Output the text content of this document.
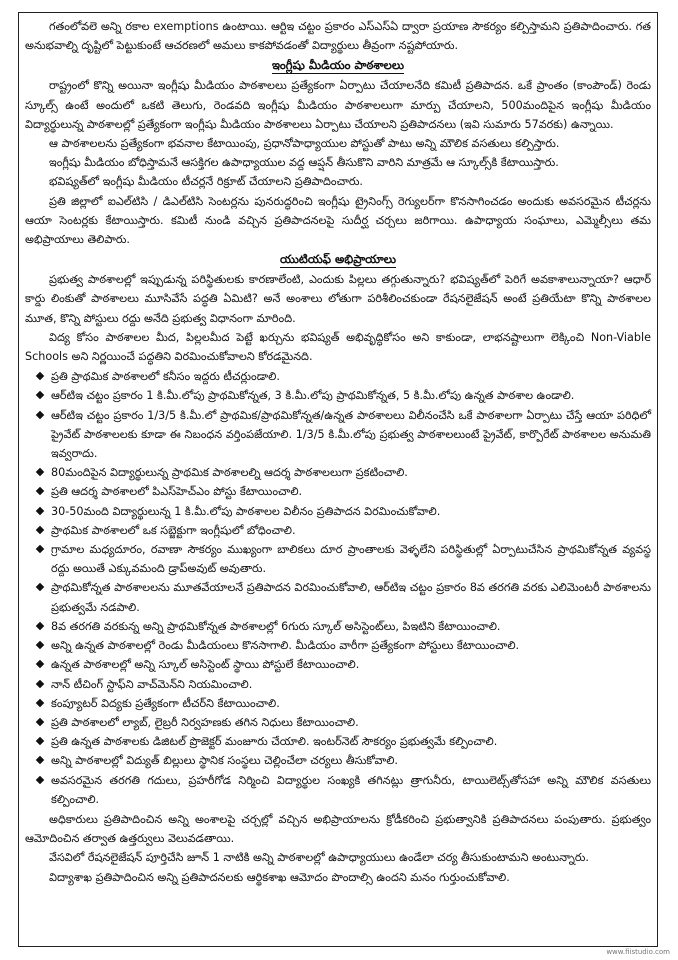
గతంలోవలె అన్ని రకాల exemptions ఉంటాయి. ఆర్టిఇ చట్టం ప్రకారం ఎస్ఎస్ఏ ద్వారా ప్రయాణ సౌకర్యం కల్పిస్తామని ప్రతిపాదించారు. గత అనుభవాల్ని దృష్టిలో పెట్టుకుంటే ఆచరణలో అమలు కాకపోవడంతో విద్యార్థులు తీవ్రంగా నష్టపోయారు.

ఇంగ్లీషు మీడియం పాఠశాలలు

రాష్ట్రంలో కొన్ని అయినా ఇంగ్లీషు మీడియం పాఠశాలలు ప్రత్యేకంగా ఏర్పాటు చేయాలనేది కమిటీ ప్రతిపాదన. ఒకే ప్రాంతం (కాంపౌండ్) రెండు స్కూల్స్ ఉంటే అందులో ఒకటి తెలుగు, రెండవది ఇంగ్లీషు మీడియం పాఠశాలలుగా మార్పు చేయాలని, 500మందిపైన ఇంగ్లీషు మీడియం విద్యార్థులున్న పాఠశాలల్లో ప్రత్యేకంగా ఇంగ్లీషు మీడియం పాఠశాలలు ఏర్పాటు చేయాలని ప్రతిపాదనలు (ఇవి సుమారు 57వరకు) ఉన్నాయి.

ఆ పాఠశాలలను ప్రత్యేకంగా భవనాల కేటాయింపు, ప్రధానోపాధ్యాయుల పోస్టుతో పాటు అన్ని మౌలిక వసతులు కల్పిస్తారు.

ఇంగ్లీషు మీడియం బోధిస్తామనే ఆసక్తిగల ఉపాధ్యాయుల వద్ద ఆప్షన్ తీసుకొని వారిని మాత్రమే ఆ స్కూల్స్‌కి కేటాయిస్తారు.

భవిష్యత్‌లో ఇంగ్లీషు మీడియం టీచర్లనే రిక్రూట్ చేయాలని ప్రతిపాదించారు.

ప్రతి జిల్లాలో ఐఎల్‌టిసి / డిఎల్‌టిసి సెంటర్లను పునరుద్ధరించి ఇంగ్లీషు ట్రైనింగ్స్ రెగ్యులర్‌గా కొనసాగించడం అందుకు అవసరమైన టీచర్లను ఆయా సెంటర్లకు కేటాయిస్తారు. కమిటీ నుండి వచ్చిన ప్రతిపాదనలపై సుదీర్ఘ చర్చలు జరిగాయి. ఉపాధ్యాయ సంఘాలు, ఎమ్మెల్సీలు తమ అభిప్రాయాలు తెలిపారు.

యుటియఫ్ అభిప్రాయాలు

ప్రభుత్వ పాఠశాలల్లో ఇప్పుడున్న పరిస్థితులకు కారణాలేంటి, ఎందుకు పిల్లలు తగ్గుతున్నారు? భవిష్యత్‌లో పెరిగే అవకాశాలున్నాయా? ఆధార్ కార్డు లింకుతో పాఠశాలలు మూసివేసే పద్ధతి ఏమిటి? అనే అంశాలు లోతుగా పరిశీలించకుండా రేషనలైజేషన్ అంటే ప్రతియేటా కొన్ని పాఠశాలల మూత, కొన్ని పోస్టులు రద్దు అనేది ప్రభుత్వ విధానంగా మారింది.

విద్య కోసం పాఠశాలల మీద, పిల్లలమీద పెట్టే ఖర్చును భవిష్యత్ అభివృద్ధికోసం అని కాకుండా, లాభనష్టాలుగా లెక్కించి Non-Viable Schools అని నిర్ణయించే పద్ధతిని విరమించుకోవాలని కోరడమైనది.

ప్రతి ప్రాథమిక పాఠశాలలో కనీసం ఇద్దరు టీచర్లుండాలి.
ఆర్‌టిఇ చట్టం ప్రకారం 1 కి.మీ.లోపు ప్రాథమికోన్నత, 3 కి.మీ.లోపు ప్రాథమికోన్నత, 5 కి.మీ.లోపు ఉన్నత పాఠశాల ఉండాలి.
ఆర్‌టిఇ చట్టం ప్రకారం 1/3/5 కి.మీ.లో ప్రాథమిక/ప్రాథమికోన్నత/ఉన్నత పాఠశాలలు విలీనంచేసి ఒకే పాఠశాలగా ఏర్పాటు చేస్తే ఆయా పరిధిలో ప్రైవేట్ పాఠశాలలకు కూడా ఈ నిబంధన వర్తింపజేయాలి. 1/3/5 కి.మీ.లోపు ప్రభుత్వ పాఠశాలలుంటే ప్రైవేట్, కార్పొరేట్ పాఠశాలల అనుమతి ఇవ్వరాదు.
80మందిపైన విద్యార్థులున్న ప్రాథమిక పాఠశాలల్ని ఆదర్శ పాఠశాలలుగా ప్రకటించాలి.
ప్రతి ఆదర్శ పాఠశాలలో పిఎస్‌హెచ్‌ఎం పోస్టు కేటాయించాలి.
30-50మంది విద్యార్థులున్న 1 కి.మీ.లోపు పాఠశాలల విలీనం ప్రతిపాదన విరమించుకోవాలి.
ప్రాథమిక పాఠశాలలో ఒక సబ్జెక్టుగా ఇంగ్లీషులో బోధించాలి.
గ్రామాల మధ్యదూరం, రవాణా సౌకర్యం ముఖ్యంగా బాలికలు దూర ప్రాంతాలకు వెళ్ళలేని పరిస్థితుల్లో ఏర్పాటుచేసిన ప్రాథమికోన్నత వ్యవస్థ రద్దు అయితే ఎక్కువమంది డ్రాప్‌అవుట్ అవుతారు.
ప్రాథమికోన్నత పాఠశాలలను మూతవేయాలనే ప్రతిపాదన విరమించుకోవాలి, ఆర్‌టిఇ చట్టం ప్రకారం 8వ తరగతి వరకు ఎలిమెంటరీ పాఠశాలను ప్రభుత్వమే నడపాలి.
8వ తరగతి వరకున్న అన్ని ప్రాథమికోన్నత పాఠశాలల్లో 6గురు స్కూల్ అసిస్టెంట్‌లు, పిఇటిని కేటాయించాలి.
అన్ని ఉన్నత పాఠశాలల్లో రెండు మీడియంలు కొనసాగాలి. మీడియం వారీగా ప్రత్యేకంగా పోస్టులు కేటాయించాలి.
ఉన్నత పాఠశాలల్లో అన్ని స్కూల్ అసిస్టెంట్ స్థాయి పోస్టులే కేటాయించాలి.
నాన్ టీచింగ్ స్టాఫ్‌ని వాచ్‌మెన్‌ని నియమించాలి.
కంప్యూటర్ విద్యకు ప్రత్యేకంగా టీచర్‌ని కేటాయించాలి.
ప్రతి పాఠశాలలో ల్యాబ్, లైబ్రరీ నిర్వహణకు తగిన నిధులు కేటాయించాలి.
ప్రతి ఉన్నత పాఠశాలకు డిజిటల్ ప్రొజెక్టర్ మంజూరు చేయాలి. ఇంటర్‌నెట్ సౌకర్యం ప్రభుత్వమే కల్పించాలి.
అన్ని పాఠశాలల్లో విద్యుత్ బిల్లులు స్థానిక సంస్థలు చెల్లించేలా చర్యలు తీసుకోవాలి.
అవసరమైన తరగతి గదులు, ప్రహరీగోడ నిర్మించి విద్యార్థుల సంఖ్యకి తగినట్లు త్రాగునీరు, టాయిలెట్స్‌తోసహా అన్ని మౌలిక వసతులు కల్పించాలి.

అధికారులు ప్రతిపాదించిన అన్ని అంశాలపై చర్చల్లో వచ్చిన అభిప్రాయాలను క్రోడీకరించి ప్రభుత్వానికి ప్రతిపాదనలు పంపుతారు. ప్రభుత్వం ఆమోదించిన తర్వాత ఉత్తర్వులు వెలువడతాయి.

వేసవిలో రేషనలైజేషన్ పూర్తిచేసి జూన్ 1 నాటికి అన్ని పాఠశాలల్లో ఉపాధ్యాయులు ఉండేలా చర్య తీసుకుంటామని అంటున్నారు.

విద్యాశాఖ ప్రతిపాదించిన అన్ని ప్రతిపాదనలకు ఆర్థికశాఖ ఆమోదం పొందాల్సి ఉందని మనం గుర్తుంచుకోవాలి.

www.fiistudio.com
